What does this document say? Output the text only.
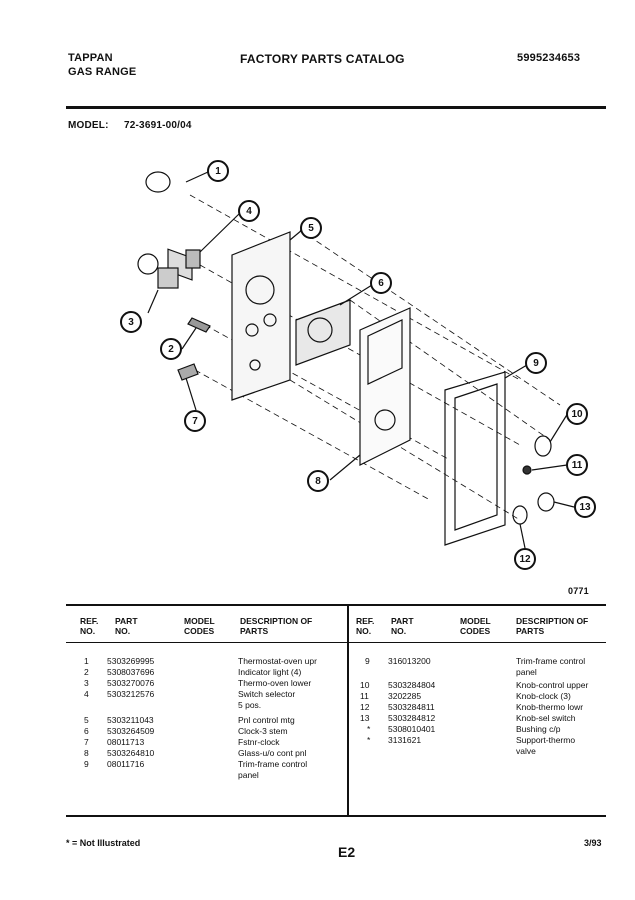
TAPPAN
GAS RANGE
FACTORY PARTS CATALOG	5995234653
MODEL: 72-3691-00/04
1
2
3
4
5
6
7
8
9
10
11
12
13
0771
REF. NO.
PART NO.
MODEL CODES
DESCRIPTION OF PARTS
REF. NO.
PART NO.
MODEL CODES
DESCRIPTION OF PARTS
1 5303269995	Thermostat-oven upr
2 5308037696	Indicator light (4)
3 5303270076	Thermo-oven lower
4 5303212576	Switch selector
5 pos.
5 5303211043	Pnl control mtg
6 5303264509	Clock-3 stem
7 08011713	Fstnr-clock
8 5303264810	Glass-u/o cont pnl
9 08011716	Trim-frame control
panel
9 316013200	Trim-frame control
panel
10 5303284804	Knob-control upper
11 3202285	Knob-clock (3)
12 5303284811	Knob-thermo lowr
13 5303284812	Knob-sel switch
* 5308010401	Bushing c/p
* 3131621	Support-thermo
valve
* = Not Illustrated
E2
3/93
